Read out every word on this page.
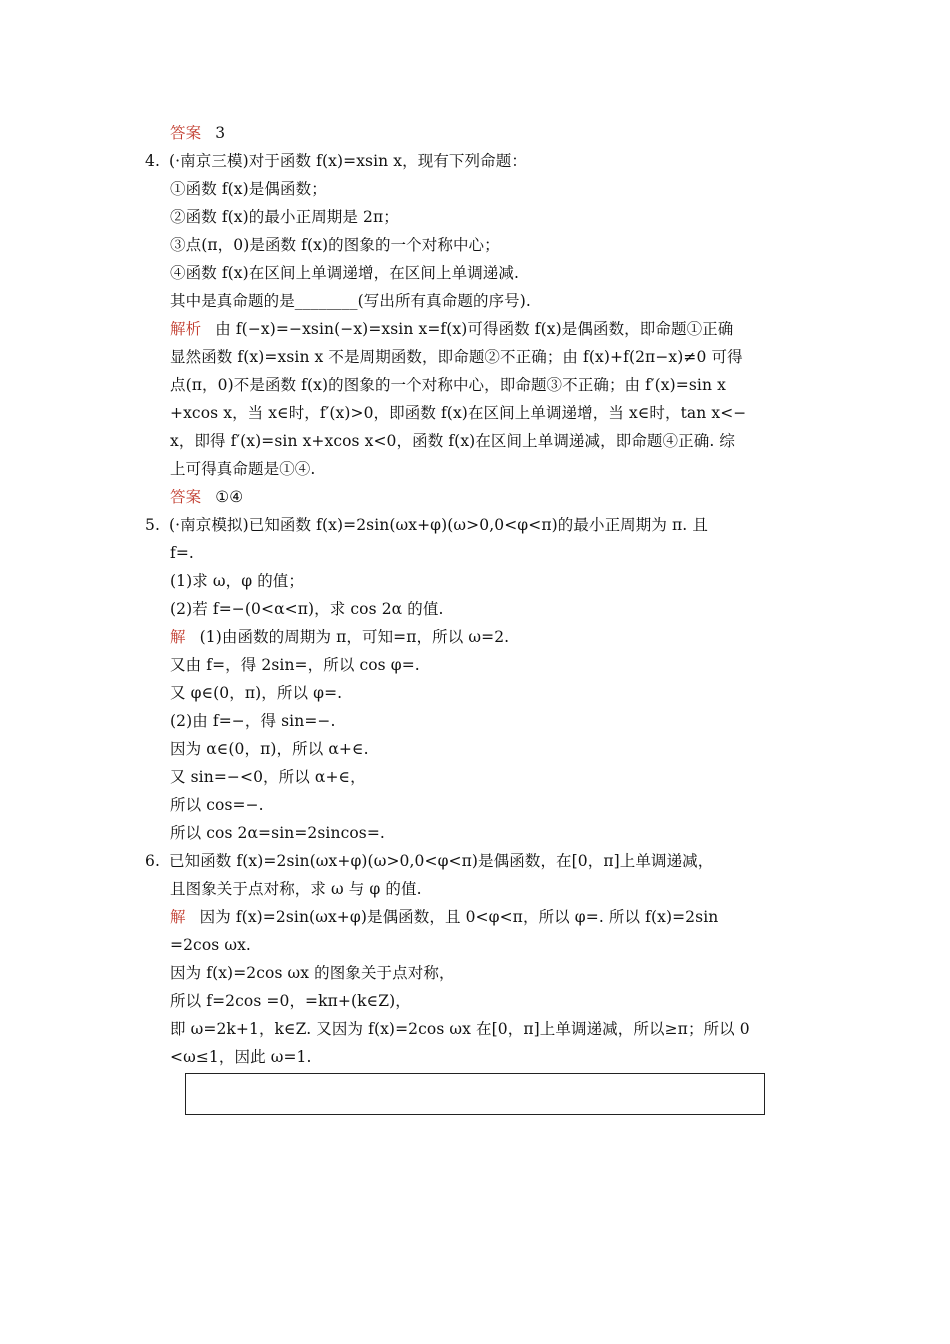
答案 3
4. (·南京三模)对于函数 f(x)=xsin x，现有下列命题：
①函数 f(x)是偶函数；
②函数 f(x)的最小正周期是 2π；
③点(π，0)是函数 f(x)的图象的一个对称中心；
④函数 f(x)在区间上单调递增，在区间上单调递减.
其中是真命题的是________(写出所有真命题的序号).
解析 由 f(−x)=−xsin(−x)=xsin x=f(x)可得函数 f(x)是偶函数，即命题①正确
显然函数 f(x)=xsin x 不是周期函数，即命题②不正确；由 f(x)+f(2π−x)≠0 可得
点(π，0)不是函数 f(x)的图象的一个对称中心，即命题③不正确；由 f′(x)=sin x
+xcos x，当 x∈时，f′(x)>0，即函数 f(x)在区间上单调递增，当 x∈时，tan x<−
x，即得 f′(x)=sin x+xcos x<0，函数 f(x)在区间上单调递减，即命题④正确. 综
上可得真命题是①④.
答案 ①④
5. (·南京模拟)已知函数 f(x)=2sin(ωx+φ)(ω>0,0<φ<π)的最小正周期为 π. 且
f=.
(1)求 ω，φ 的值；
(2)若 f=−(0<α<π)，求 cos 2α 的值.
解 (1)由函数的周期为 π，可知=π，所以 ω=2.
又由 f=，得 2sin=，所以 cos φ=.
又 φ∈(0，π)，所以 φ=.
(2)由 f=−，得 sin=−.
因为 α∈(0，π)，所以 α+∈.
又 sin=−<0，所以 α+∈，
所以 cos=−.
所以 cos 2α=sin=2sincos=.
6. 已知函数 f(x)=2sin(ωx+φ)(ω>0,0<φ<π)是偶函数，在[0，π]上单调递减，
且图象关于点对称，求 ω 与 φ 的值.
解 因为 f(x)=2sin(ωx+φ)是偶函数，且 0<φ<π，所以 φ=. 所以 f(x)=2sin
=2cos ωx.
因为 f(x)=2cos ωx 的图象关于点对称，
所以 f=2cos =0，=kπ+(k∈Z)，
即 ω=2k+1，k∈Z. 又因为 f(x)=2cos ωx 在[0，π]上单调递减，所以≥π；所以 0
<ω≤1，因此 ω=1.
